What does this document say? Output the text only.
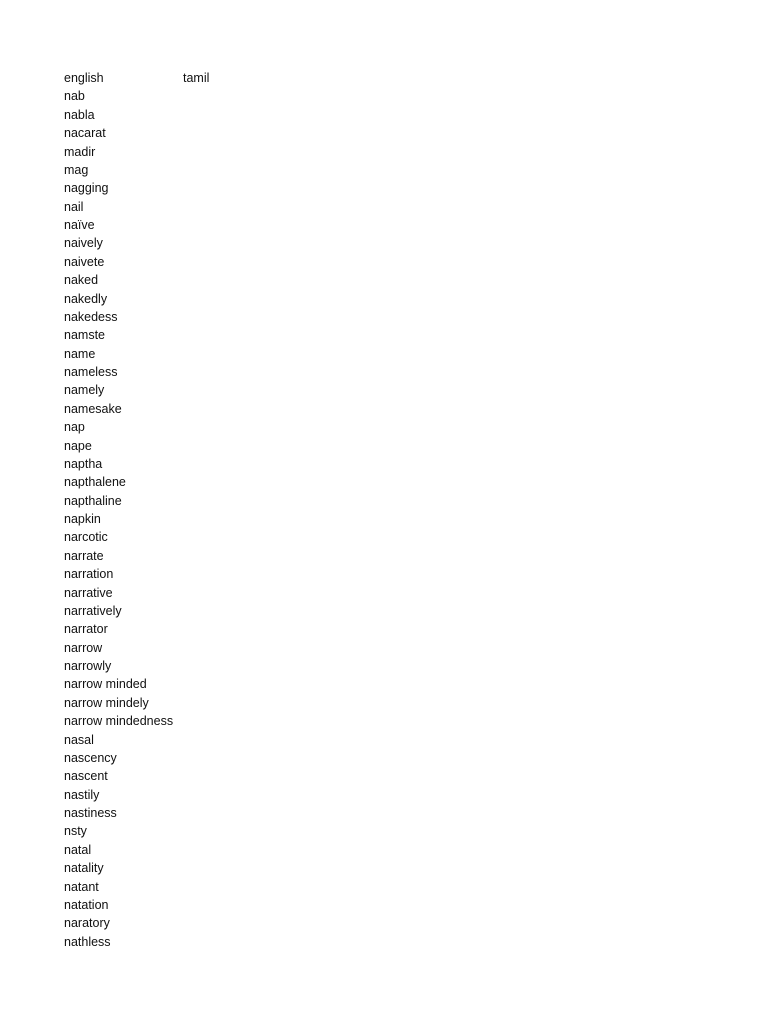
english	tamil
nab	
nabla	
nacarat	
madir	
mag	
nagging	
nail	
naïve	
naively	
naivete	
naked	
nakedly	
nakedess	
namste	
name	
nameless	
namely	
namesake	
nap	
nape	
naptha	
napthalene	
napthaline	
napkin	
narcotic	
narrate	
narration	
narrative	
narratively	
narrator	
narrow	
narrowly	
narrow minded	
narrow mindely	
narrow mindedness	
nasal	
nascency	
nascent	
nastily	
nastiness	
nsty	
natal	
natality	
natant	
natation	
naratory	
nathless	
